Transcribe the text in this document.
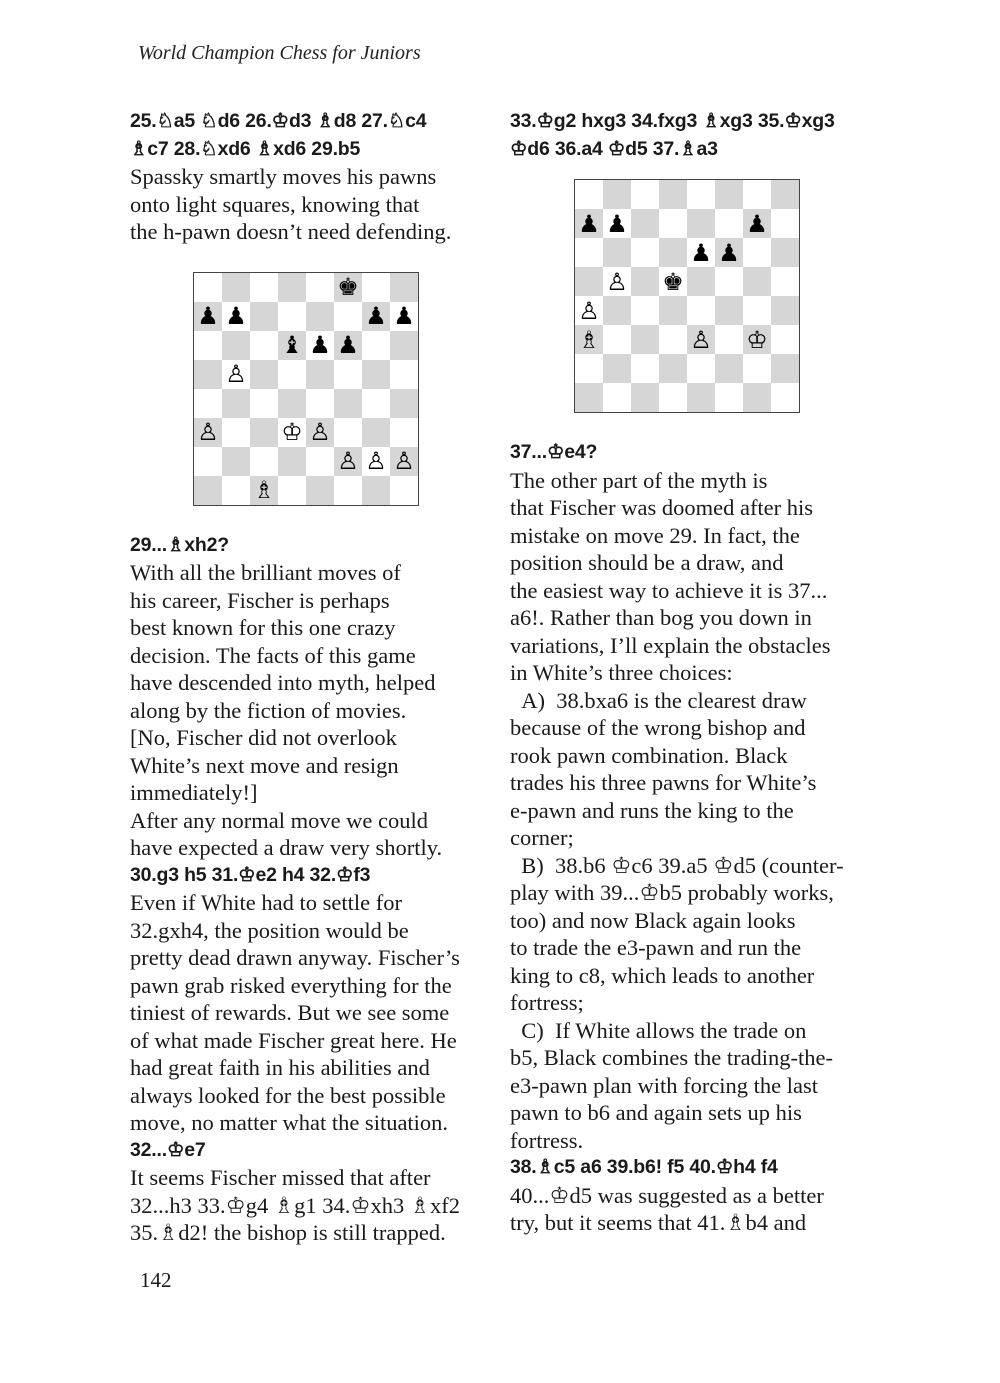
World Champion Chess for Juniors

25.♘a5 ♘d6 26.♔d3 ♗d8 27.♘c4
♗c7 28.♘xd6 ♗xd6 29.b5

Spassky smartly moves his pawns
onto light squares, knowing that
the h-pawn doesn’t need defending.

♚
♟ ♟	♟ ♟
♝ ♟ ♟
♙
♙	♔ ♙
♙ ♙ ♙
♗

29...♗xh2?

With all the brilliant moves of
his career, Fischer is perhaps
best known for this one crazy
decision. The facts of this game
have descended into myth, helped
along by the fiction of movies.
[No, Fischer did not overlook
White’s next move and resign
immediately!]
After any normal move we could
have expected a draw very shortly.

30.g3 h5 31.♔e2 h4 32.♔f3

Even if White had to settle for
32.gxh4, the position would be
pretty dead drawn anyway. Fischer’s
pawn grab risked everything for the
tiniest of rewards. But we see some
of what made Fischer great here. He
had great faith in his abilities and
always looked for the best possible
move, no matter what the situation.

32...♔e7

It seems Fischer missed that after
32...h3 33.♔g4 ♗g1 34.♔xh3 ♗xf2
35.♗d2! the bishop is still trapped.

33.♔g2 hxg3 34.fxg3 ♗xg3 35.♔xg3
♔d6 36.a4 ♔d5 37.♗a3

♟ ♟	♟
♟ ♟
♙ ♚
♙
♗	♙ ♔

37...♔e4?

The other part of the myth is
that Fischer was doomed after his
mistake on move 29. In fact, the
position should be a draw, and
the easiest way to achieve it is 37...
a6!. Rather than bog you down in
variations, I’ll explain the obstacles
in White’s three choices:

A)  38.bxa6 is the clearest draw
because of the wrong bishop and
rook pawn combination. Black
trades his three pawns for White’s
e-pawn and runs the king to the
corner;

B)  38.b6 ♔c6 39.a5 ♔d5 (counter-
play with 39...♔b5 probably works,
too) and now Black again looks
to trade the e3-pawn and run the
king to c8, which leads to another
fortress;

C)  If White allows the trade on
b5, Black combines the trading-the-
e3-pawn plan with forcing the last
pawn to b6 and again sets up his
fortress.

38.♗c5 a6 39.b6! f5 40.♔h4 f4

40...♔d5 was suggested as a better
try, but it seems that 41.♗b4 and

142
